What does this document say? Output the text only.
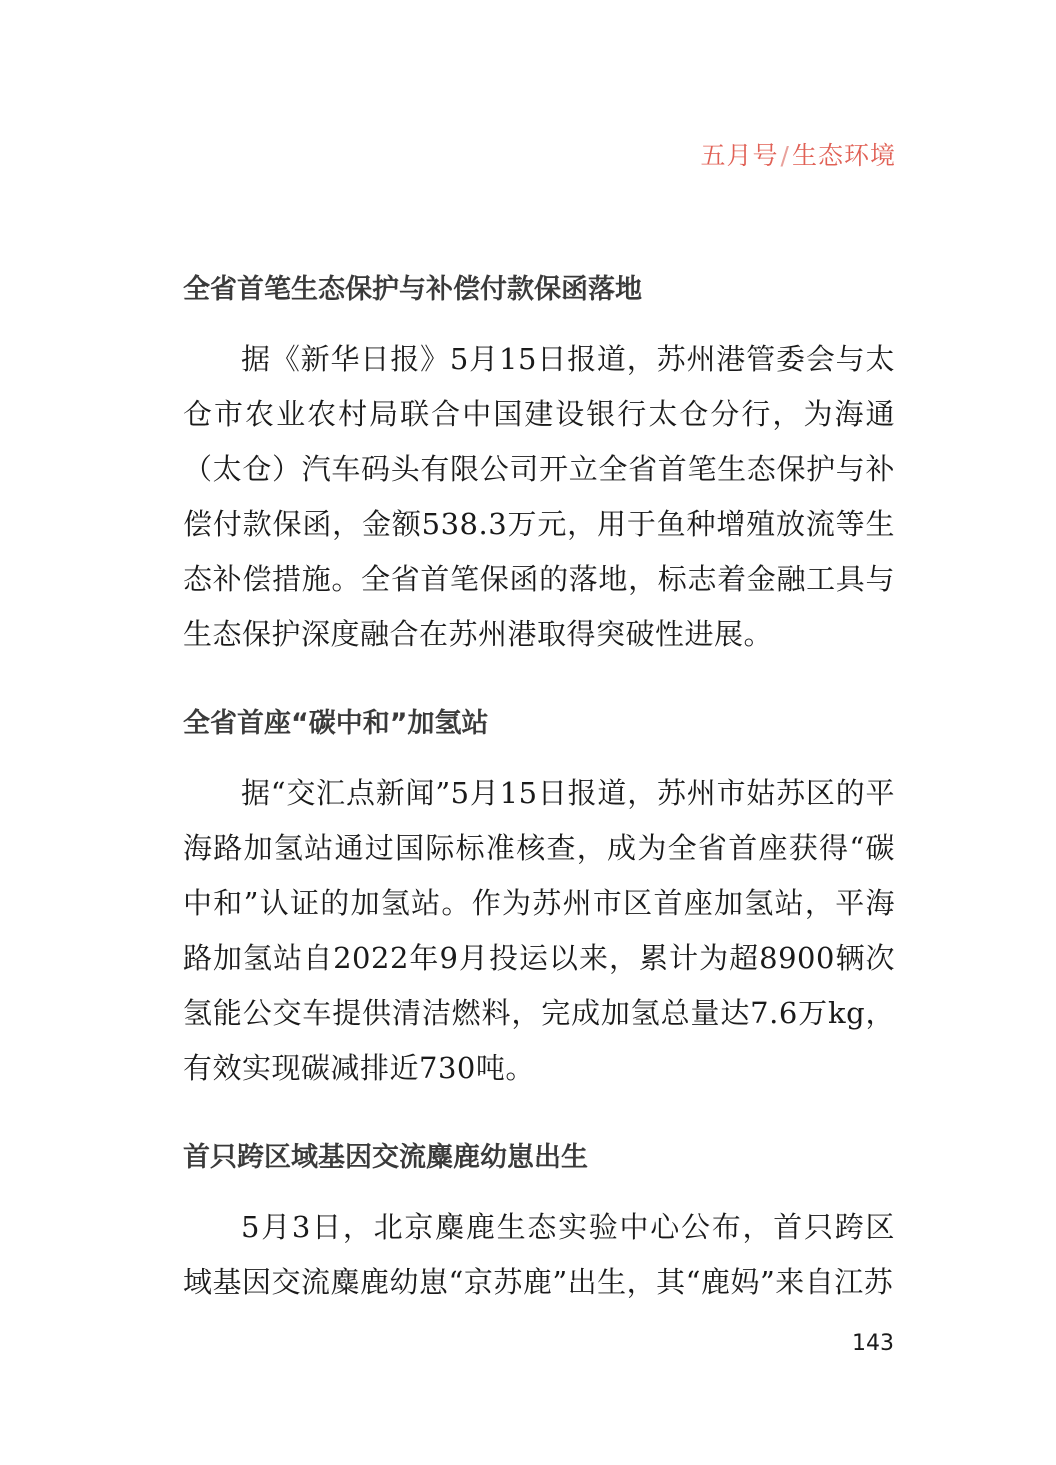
五月号/生态环境
全省首笔生态保护与补偿付款保函落地

据《新华日报》5月15日报道，苏州港管委会与太仓市农业农村局联合中国建设银行太仓分行，为海通（太仓）汽车码头有限公司开立全省首笔生态保护与补偿付款保函，金额538.3万元，用于鱼种增殖放流等生态补偿措施。全省首笔保函的落地，标志着金融工具与生态保护深度融合在苏州港取得突破性进展。

全省首座“碳中和”加氢站

据“交汇点新闻”5月15日报道，苏州市姑苏区的平海路加氢站通过国际标准核查，成为全省首座获得“碳中和”认证的加氢站。作为苏州市区首座加氢站，平海路加氢站自2022年9月投运以来，累计为超8900辆次氢能公交车提供清洁燃料，完成加氢总量达7.6万kg，有效实现碳减排近730吨。

首只跨区域基因交流麋鹿幼崽出生

5月3日，北京麋鹿生态实验中心公布，首只跨区域基因交流麋鹿幼崽“京苏鹿”出生，其“鹿妈”来自江苏

143
